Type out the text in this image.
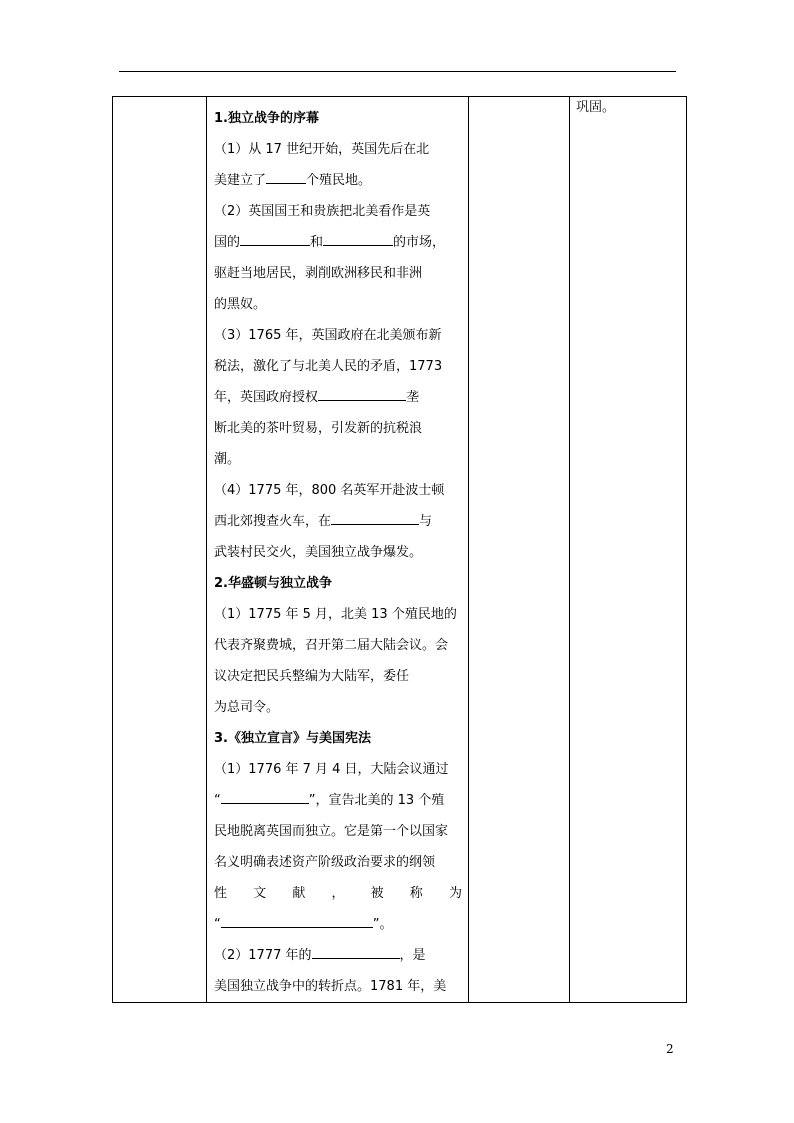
1.独立战争的序幕

（1）从 17 世纪开始，英国先后在北

美建立了	个殖民地。

（2）英国国王和贵族把北美看作是英

国的	和	的市场，

驱赶当地居民，剥削欧洲移民和非洲

的黑奴。

（3）1765 年，英国政府在北美颁布新

税法，激化了与北美人民的矛盾，1773

年，英国政府授权	垄

断北美的茶叶贸易，引发新的抗税浪

潮。

（4）1775 年，800 名英军开赴波士顿

西北郊搜查火车，在	与

武装村民交火，美国独立战争爆发。

2.华盛顿与独立战争

（1）1775 年 5 月，北美 13 个殖民地的

代表齐聚费城，召开第二届大陆会议。会

议决定把民兵整编为大陆军，委任

为总司令。

3.《独立宣言》与美国宪法

（1）1776 年 7 月 4 日，大陆会议通过

“	”，宣告北美的 13 个殖

民地脱离英国而独立。它是第一个以国家

名义明确表述资产阶级政治要求的纲领

性 文 献 ， 被 称 为

“	”。

（2）1777 年的	，是

美国独立战争中的转折点。1781 年，美

巩固。
2
